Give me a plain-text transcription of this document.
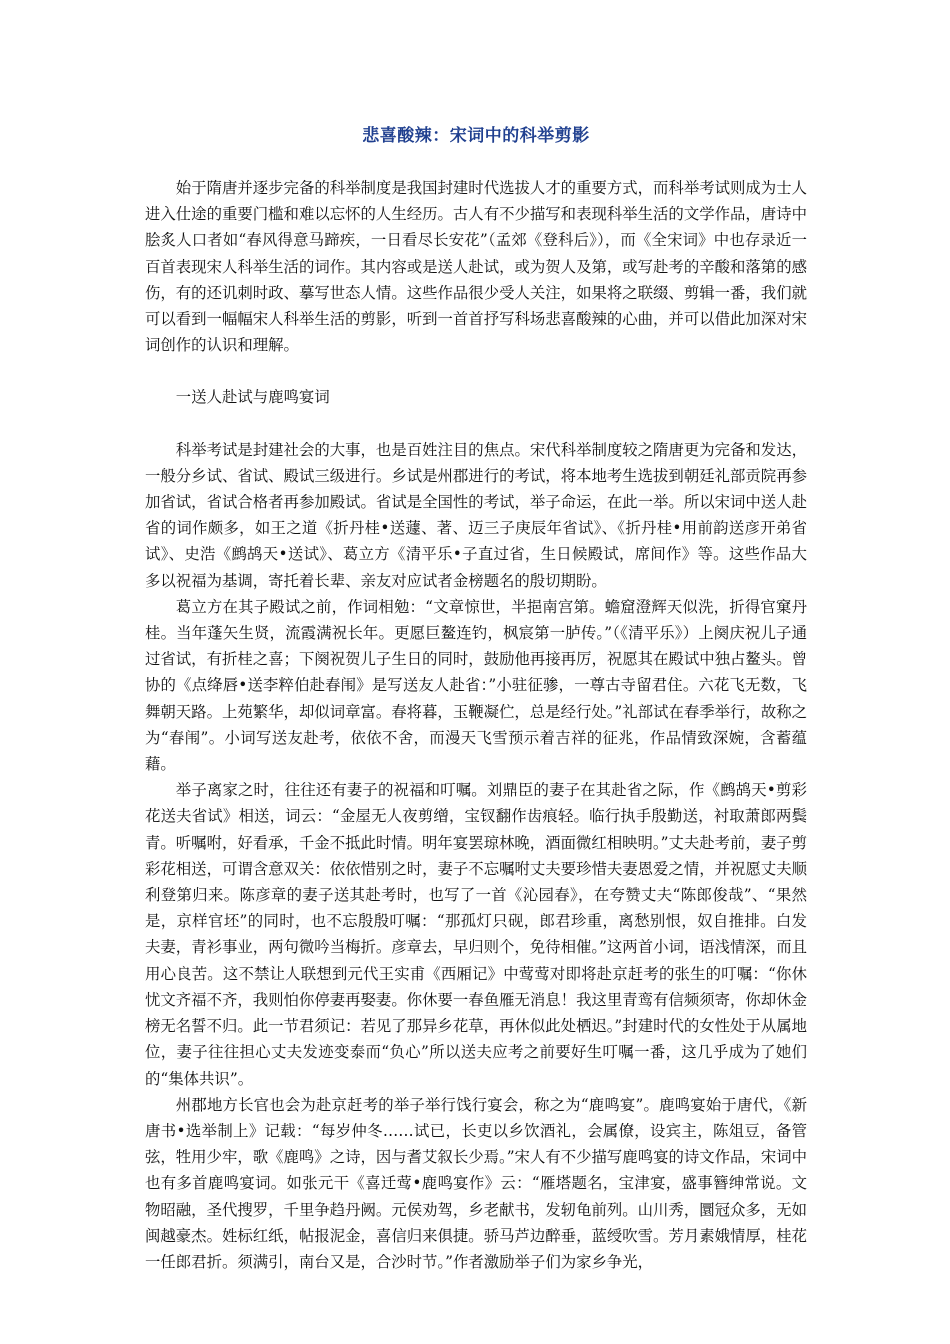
悲喜酸辣：宋词中的科举剪影

始于隋唐并逐步完备的科举制度是我国封建时代选拔人才的重要方式，而科举考试则成为士人进入仕途的重要门槛和难以忘怀的人生经历。古人有不少描写和表现科举生活的文学作品，唐诗中脍炙人口者如“春风得意马蹄疾，一日看尽长安花”（孟郊《登科后》），而《全宋词》中也存录近一百首表现宋人科举生活的词作。其内容或是送人赴试，或为贺人及第，或写赴考的辛酸和落第的感伤，有的还讥刺时政、摹写世态人情。这些作品很少受人关注，如果将之联缀、剪辑一番，我们就可以看到一幅幅宋人科举生活的剪影，听到一首首抒写科场悲喜酸辣的心曲，并可以借此加深对宋词创作的认识和理解。

一送人赴试与鹿鸣宴词

科举考试是封建社会的大事，也是百姓注目的焦点。宋代科举制度较之隋唐更为完备和发达，一般分乡试、省试、殿试三级进行。乡试是州郡进行的考试，将本地考生选拔到朝廷礼部贡院再参加省试，省试合格者再参加殿试。省试是全国性的考试，举子命运，在此一举。所以宋词中送人赴省的词作颇多，如王之道《折丹桂•送蘧、著、迈三子庚辰年省试》、《折丹桂•用前韵送彦开弟省试》、史浩《鹧鸪天•送试》、葛立方《清平乐•子直过省，生日候殿试，席间作》等。这些作品大多以祝福为基调，寄托着长辈、亲友对应试者金榜题名的殷切期盼。

葛立方在其子殿试之前，作词相勉：“文章惊世，半挹南宫第。蟾窟澄辉天似洗，折得官窠丹桂。当年蓬矢生贤，流霞满祝长年。更愿巨鳌连钓，枫宸第一胪传。”（《清平乐》）上阕庆祝儿子通过省试，有折桂之喜；下阕祝贺儿子生日的同时，鼓励他再接再厉，祝愿其在殿试中独占鳌头。曾协的《点绛唇•送李粹伯赴春闱》是写送友人赴省：”小驻征骖，一尊古寺留君住。六花飞无数，飞舞朝天路。上苑繁华，却似词章富。春将暮，玉鞭凝伫，总是经行处。”礼部试在春季举行，故称之为“春闱”。小词写送友赴考，依依不舍，而漫天飞雪预示着吉祥的征兆，作品情致深婉，含蓄蕴藉。

举子离家之时，往往还有妻子的祝福和叮嘱。刘鼎臣的妻子在其赴省之际，作《鹧鸪天•剪彩花送夫省试》相送，词云：“金屋无人夜剪缯，宝钗翻作齿痕轻。临行执手殷勤送，衬取萧郎两鬓青。听嘱咐，好看承，千金不抵此时情。明年宴罢琼林晚，酒面微红相映明。”丈夫赴考前，妻子剪彩花相送，可谓含意双关：依依惜别之时，妻子不忘嘱咐丈夫要珍惜夫妻恩爱之情，并祝愿丈夫顺利登第归来。陈彦章的妻子送其赴考时，也写了一首《沁园春》，在夸赞丈夫“陈郎俊哉”、“果然是，京样官坯”的同时，也不忘殷殷叮嘱：“那孤灯只砚，郎君珍重，离愁别恨，奴自推排。白发夫妻，青衫事业，两句微吟当梅折。彦章去，早归则个，免待相催。”这两首小词，语浅情深，而且用心良苦。这不禁让人联想到元代王实甫《西厢记》中莺莺对即将赴京赶考的张生的叮嘱：“你休忧文齐福不齐，我则怕你停妻再娶妻。你休要一春鱼雁无消息！我这里青鸾有信频须寄，你却休金榜无名誓不归。此一节君须记：若见了那异乡花草，再休似此处栖迟。”封建时代的女性处于从属地位，妻子往往担心丈夫发迹变泰而“负心”所以送夫应考之前要好生叮嘱一番，这几乎成为了她们的“集体共识”。

州郡地方长官也会为赴京赶考的举子举行饯行宴会，称之为“鹿鸣宴”。鹿鸣宴始于唐代，《新唐书•选举制上》记载：“每岁仲冬……试已，长吏以乡饮酒礼，会属僚，设宾主，陈俎豆，备管弦，牲用少牢，歌《鹿鸣》之诗，因与耆艾叙长少焉。”宋人有不少描写鹿鸣宴的诗文作品，宋词中也有多首鹿鸣宴词。如张元干《喜迁莺•鹿鸣宴作》云：“雁塔题名，宝津宴，盛事簪绅常说。文物昭融，圣代搜罗，千里争趋丹阙。元侯劝驾，乡老献书，发轫龟前列。山川秀，圜冠众多，无如闽越豪杰。姓标红纸，帖报泥金，喜信归来俱捷。骄马芦边醉垂，蓝绶吹雪。芳月素娥情厚，桂花一任郎君折。须满引，南台又是，合沙时节。”作者激励举子们为家乡争光，
